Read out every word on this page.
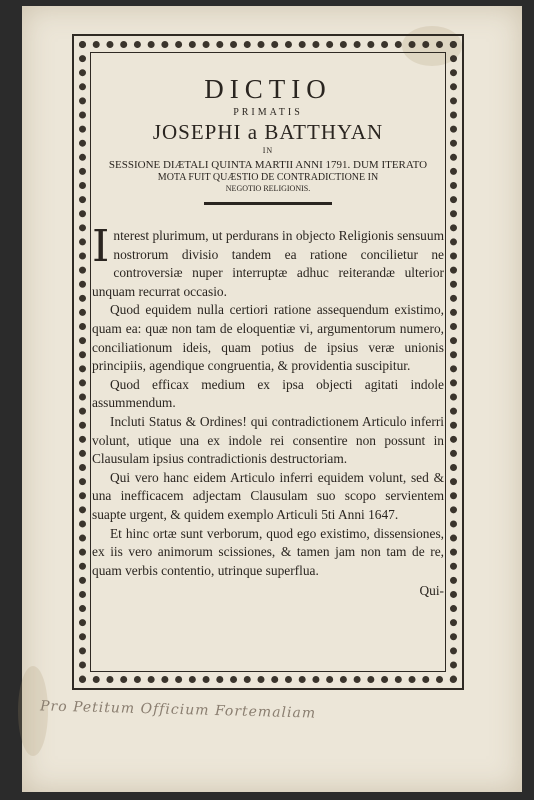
DICTIO
PRIMATIS
JOSEPHI a BATTHYAN
IN
SESSIONE DIÆTALI QUINTA MARTII ANNI 1791. DUM ITERATO
MOTA FUIT QUÆSTIO DE CONTRADICTIONE IN
NEGOTIO RELIGIONIS.

Interest plurimum, ut perdurans in objecto Religionis sensuum nostrorum divisio tandem ea ratione concilietur ne controversiæ nuper interruptæ adhuc reiterandæ ulterior unquam recurrat occasio.

Quod equidem nulla certiori ratione assequendum existimo, quam ea: quæ non tam de eloquentiæ vi, argumentorum numero, conciliationum ideis, quam potius de ipsius veræ unionis principiis, agendique congruentia, & providentia suscipitur.

Quod efficax medium ex ipsa objecti agitati indole assummendum.

Incluti Status & Ordines! qui contradictionem Articulo inferri volunt, utique una ex indole rei consentire non possunt in Clausulam ipsius contradictionis destructoriam.

Qui vero hanc eidem Articulo inferri equidem volunt, sed & una inefficacem adjectam Clausulam suo scopo servientem suapte urgent, & quidem exemplo Articuli 5ti Anni 1647.

Et hinc ortæ sunt verborum, quod ego existimo, dissensiones, ex iis vero animorum scissiones, & tamen jam non tam de re, quam verbis contentio, utrinque superflua.

Qui-
Pro Petitum Officium Fortemaliam
